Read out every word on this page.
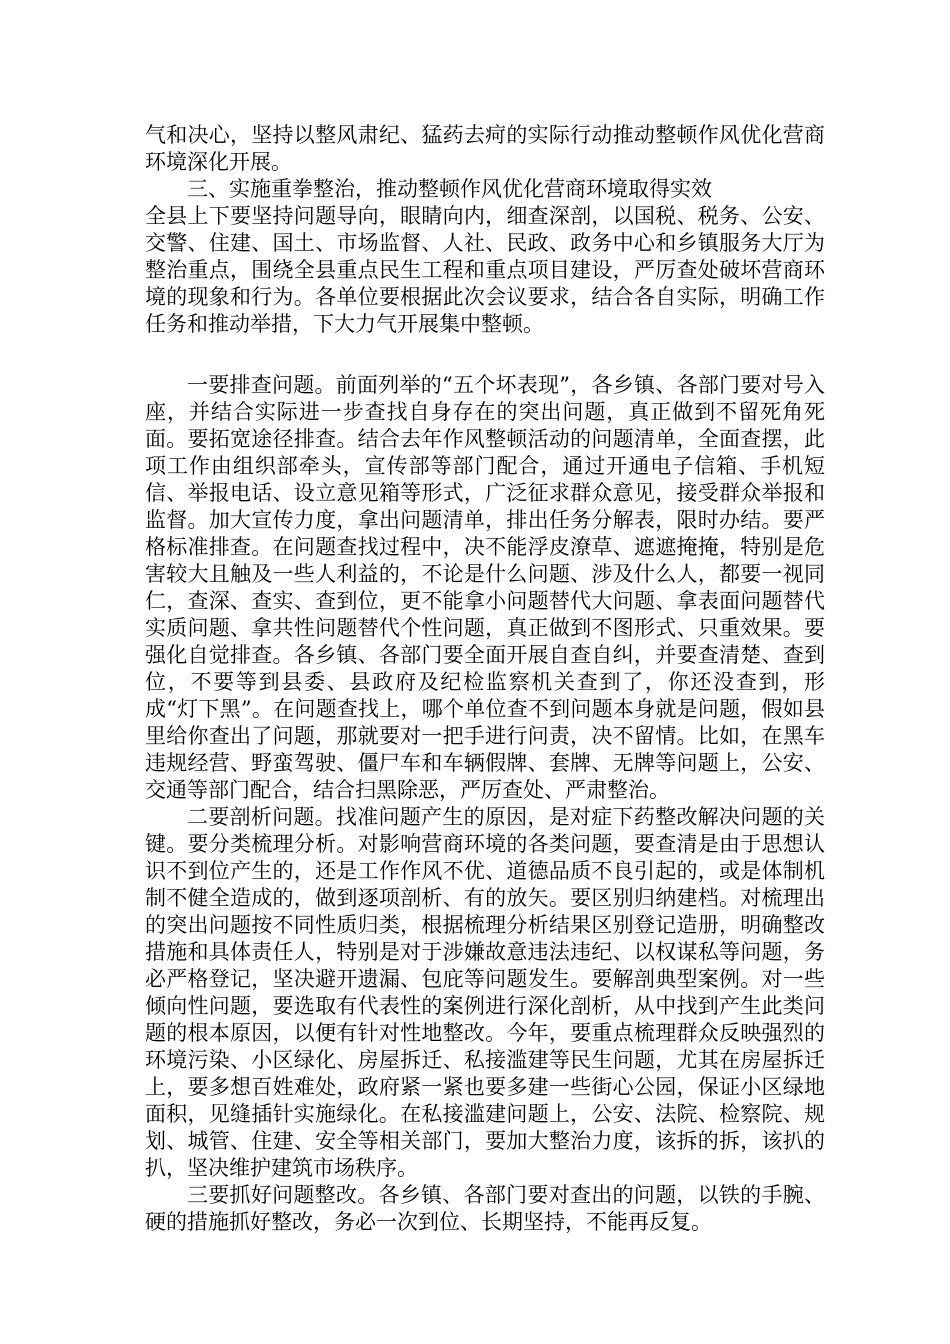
气和决心，坚持以整风肃纪、猛药去疴的实际行动推动整顿作风优化营商环境深化开展。

三、实施重拳整治，推动整顿作风优化营商环境取得实效

全县上下要坚持问题导向，眼睛向内，细查深剖，以国税、税务、公安、交警、住建、国土、市场监督、人社、民政、政务中心和乡镇服务大厅为整治重点，围绕全县重点民生工程和重点项目建设，严厉查处破坏营商环境的现象和行为。各单位要根据此次会议要求，结合各自实际，明确工作任务和推动举措，下大力气开展集中整顿。

一要排查问题。前面列举的“五个坏表现”，各乡镇、各部门要对号入座，并结合实际进一步查找自身存在的突出问题，真正做到不留死角死面。要拓宽途径排查。结合去年作风整顿活动的问题清单，全面查摆，此项工作由组织部牵头，宣传部等部门配合，通过开通电子信箱、手机短信、举报电话、设立意见箱等形式，广泛征求群众意见，接受群众举报和监督。加大宣传力度，拿出问题清单，排出任务分解表，限时办结。要严格标准排查。在问题查找过程中，决不能浮皮潦草、遮遮掩掩，特别是危害较大且触及一些人利益的，不论是什么问题、涉及什么人，都要一视同仁，查深、查实、查到位，更不能拿小问题替代大问题、拿表面问题替代实质问题、拿共性问题替代个性问题，真正做到不图形式、只重效果。要强化自觉排查。各乡镇、各部门要全面开展自查自纠，并要查清楚、查到位，不要等到县委、县政府及纪检监察机关查到了，你还没查到，形成“灯下黑”。在问题查找上，哪个单位查不到问题本身就是问题，假如县里给你查出了问题，那就要对一把手进行问责，决不留情。比如，在黑车违规经营、野蛮驾驶、僵尸车和车辆假牌、套牌、无牌等问题上，公安、交通等部门配合，结合扫黑除恶，严厉查处、严肃整治。

二要剖析问题。找准问题产生的原因，是对症下药整改解决问题的关键。要分类梳理分析。对影响营商环境的各类问题，要查清是由于思想认识不到位产生的，还是工作作风不优、道德品质不良引起的，或是体制机制不健全造成的，做到逐项剖析、有的放矢。要区别归纳建档。对梳理出的突出问题按不同性质归类，根据梳理分析结果区别登记造册，明确整改措施和具体责任人，特别是对于涉嫌故意违法违纪、以权谋私等问题，务必严格登记，坚决避开遗漏、包庇等问题发生。要解剖典型案例。对一些倾向性问题，要选取有代表性的案例进行深化剖析，从中找到产生此类问题的根本原因，以便有针对性地整改。今年，要重点梳理群众反映强烈的环境污染、小区绿化、房屋拆迁、私接滥建等民生问题，尤其在房屋拆迁上，要多想百姓难处，政府紧一紧也要多建一些街心公园，保证小区绿地面积，见缝插针实施绿化。在私接滥建问题上，公安、法院、检察院、规划、城管、住建、安全等相关部门，要加大整治力度，该拆的拆，该扒的扒，坚决维护建筑市场秩序。

三要抓好问题整改。各乡镇、各部门要对查出的问题，以铁的手腕、硬的措施抓好整改，务必一次到位、长期坚持，不能再反复。
